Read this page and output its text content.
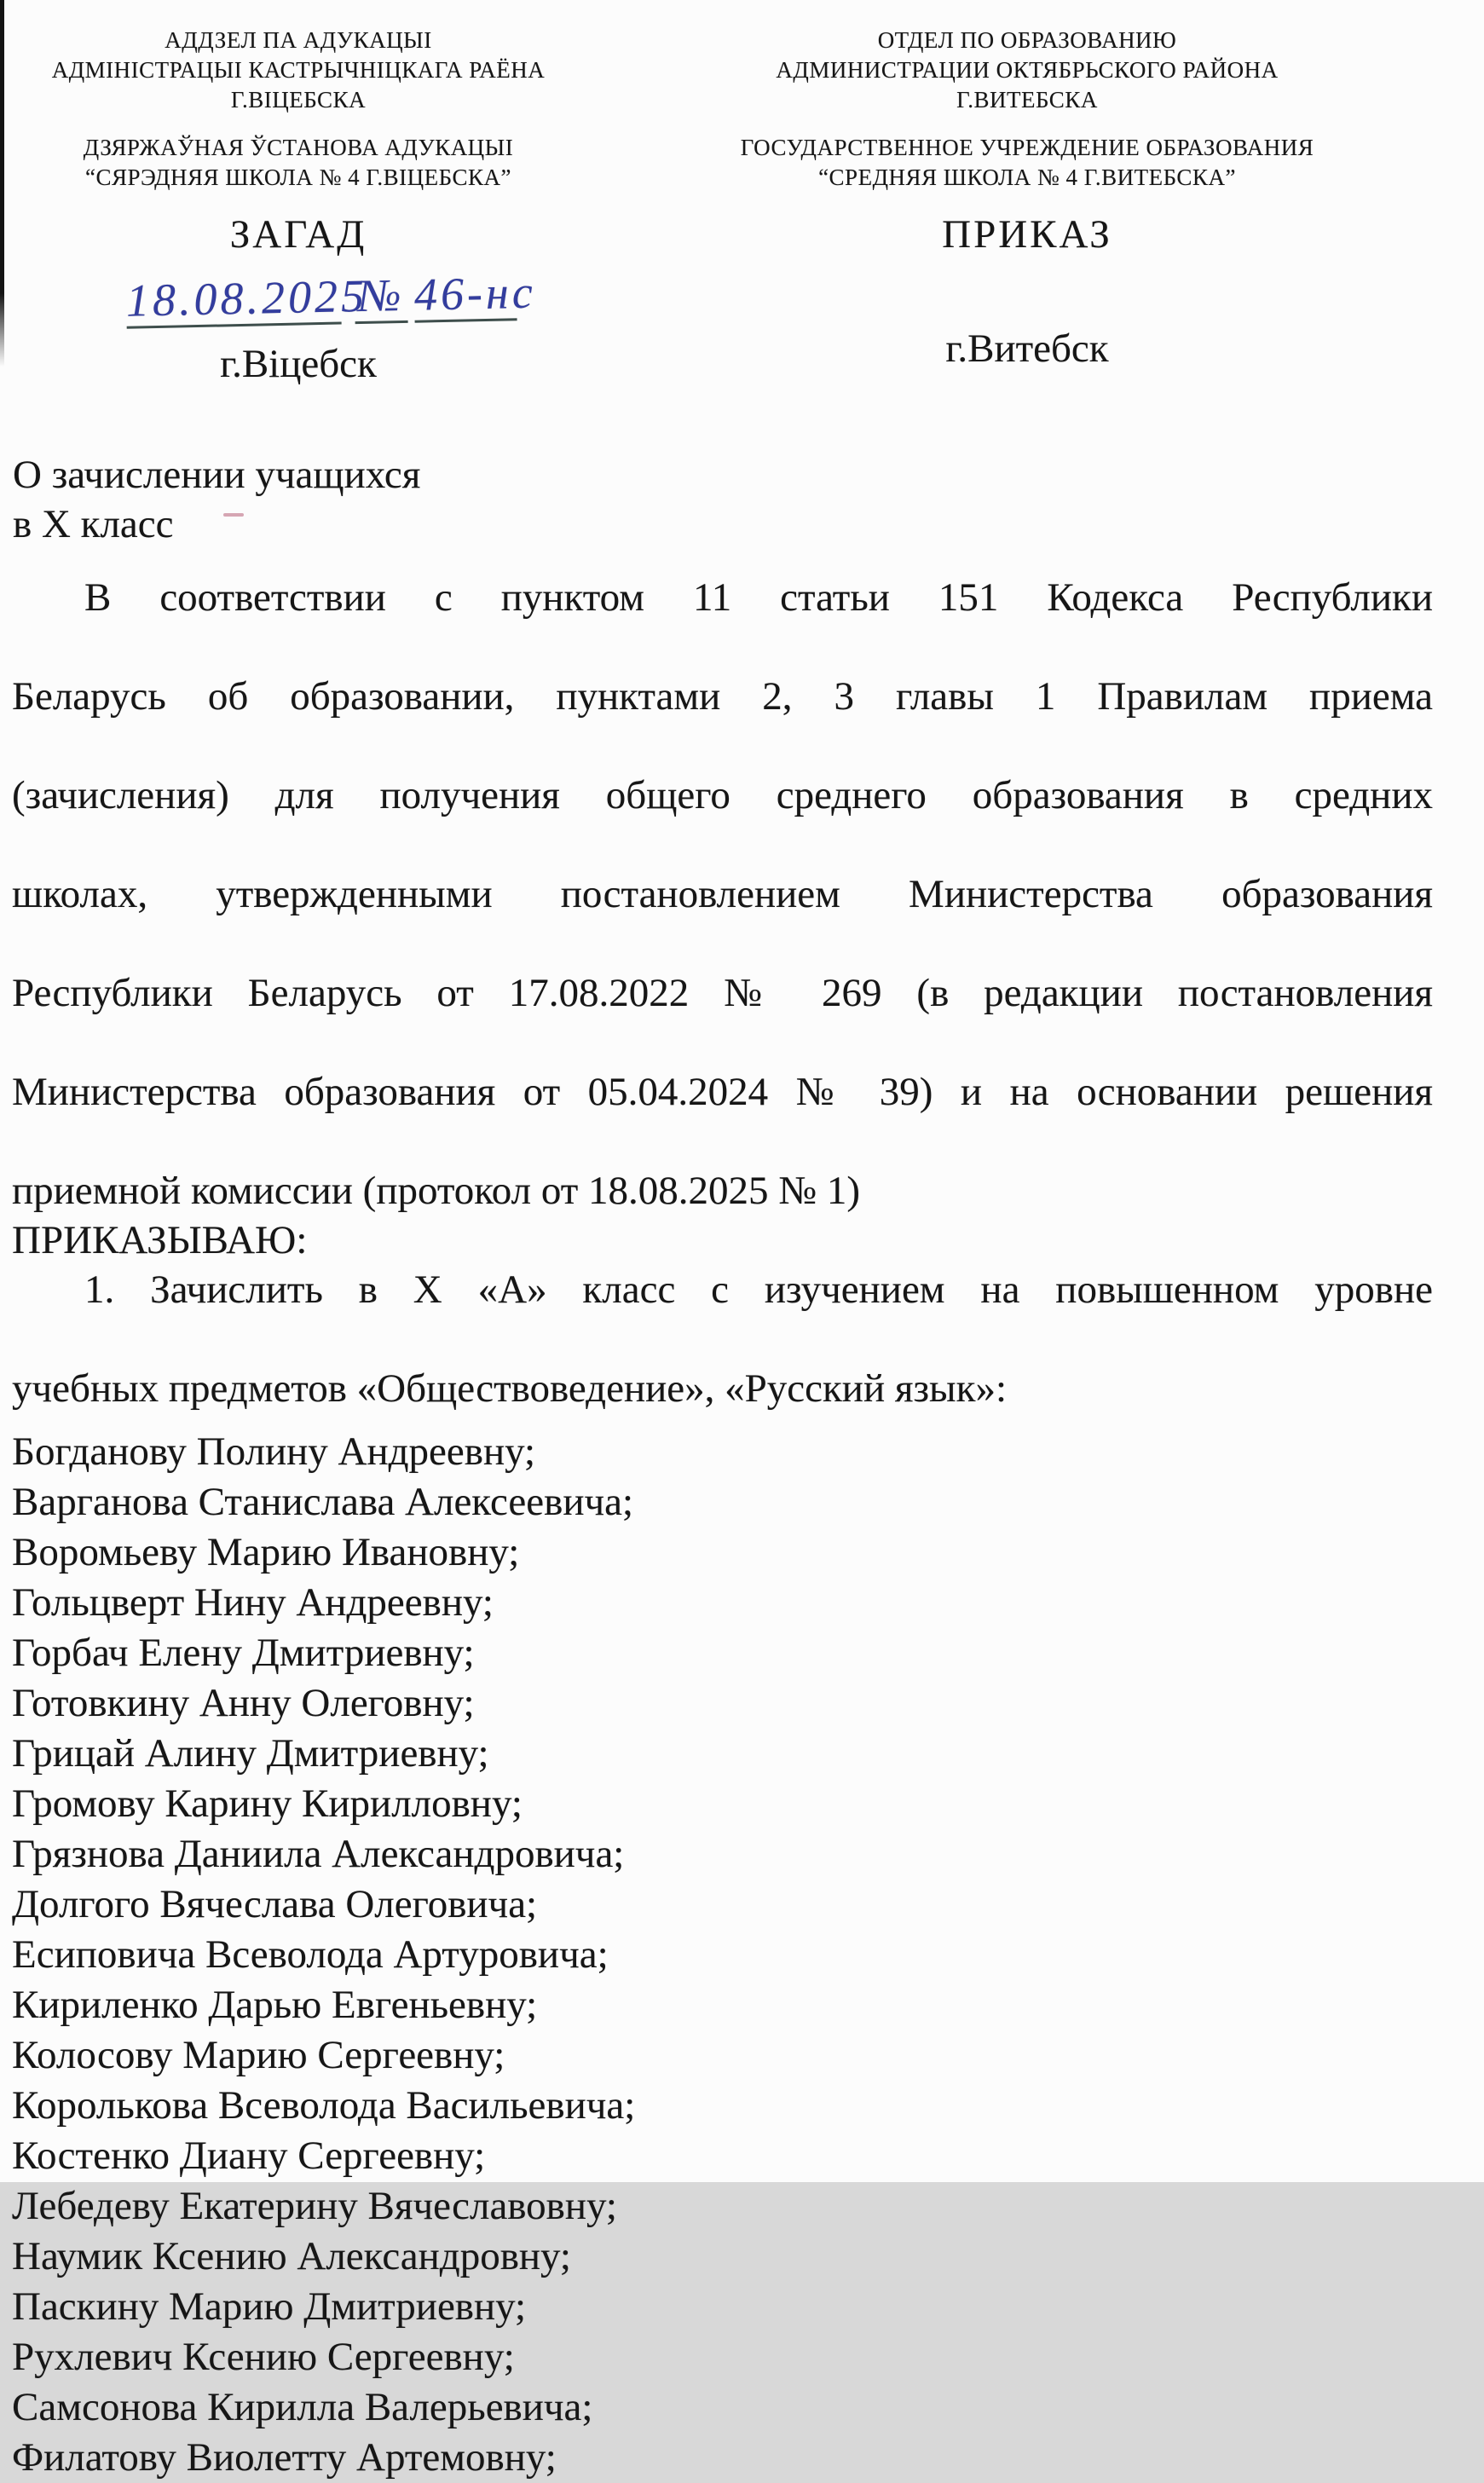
АДДЗЕЛ ПА АДУКАЦЫІ
АДМІНІСТРАЦЫІ КАСТРЫЧНІЦКАГА РАЁНА
Г.ВІЦЕБСКА
ДЗЯРЖАЎНАЯ ЎСТАНОВА АДУКАЦЫІ
“СЯРЭДНЯЯ ШКОЛА № 4 Г.ВІЦЕБСКА”
ОТДЕЛ ПО ОБРАЗОВАНИЮ
АДМИНИСТРАЦИИ ОКТЯБРЬСКОГО РАЙОНА
Г.ВИТЕБСКА
ГОСУДАРСТВЕННОЕ УЧРЕЖДЕНИЕ ОБРАЗОВАНИЯ
“СРЕДНЯЯ ШКОЛА № 4 Г.ВИТЕБСКА”
ЗАГАД	ПРИКАЗ
18.08.2025
№ 46-нс
г.Віцебск	г.Витебск
О зачислении учащихся
в X класс
В соответствии с пунктом 11 статьи 151 Кодекса Республики
Беларусь об образовании, пунктами 2, 3 главы 1 Правилам приема
(зачисления) для получения общего среднего образования в средних
школах, утвержденными постановлением Министерства образования
Республики Беларусь от 17.08.2022 № 269 (в редакции постановления
Министерства образования от 05.04.2024 № 39) и на основании решения
приемной комиссии (протокол от 18.08.2025 № 1)
ПРИКАЗЫВАЮ:
1. Зачислить в X «А» класс с изучением на повышенном уровне
учебных предметов «Обществоведение», «Русский язык»:
Богданову Полину Андреевну;
Варганова Станислава Алексеевича;
Воромьеву Марию Ивановну;
Гольцверт Нину Андреевну;
Горбач Елену Дмитриевну;
Готовкину Анну Олеговну;
Грицай Алину Дмитриевну;
Громову Карину Кирилловну;
Грязнова Даниила Александровича;
Долгого Вячеслава Олеговича;
Есиповича Всеволода Артуровича;
Кириленко Дарью Евгеньевну;
Колосову Марию Сергеевну;
Королькова Всеволода Васильевича;
Костенко Диану Сергеевну;
Лебедеву Екатерину Вячеславовну;
Наумик Ксению Александровну;
Паскину Марию Дмитриевну;
Рухлевич Ксению Сергеевну;
Самсонова Кирилла Валерьевича;
Филатову Виолетту Артемовну;
